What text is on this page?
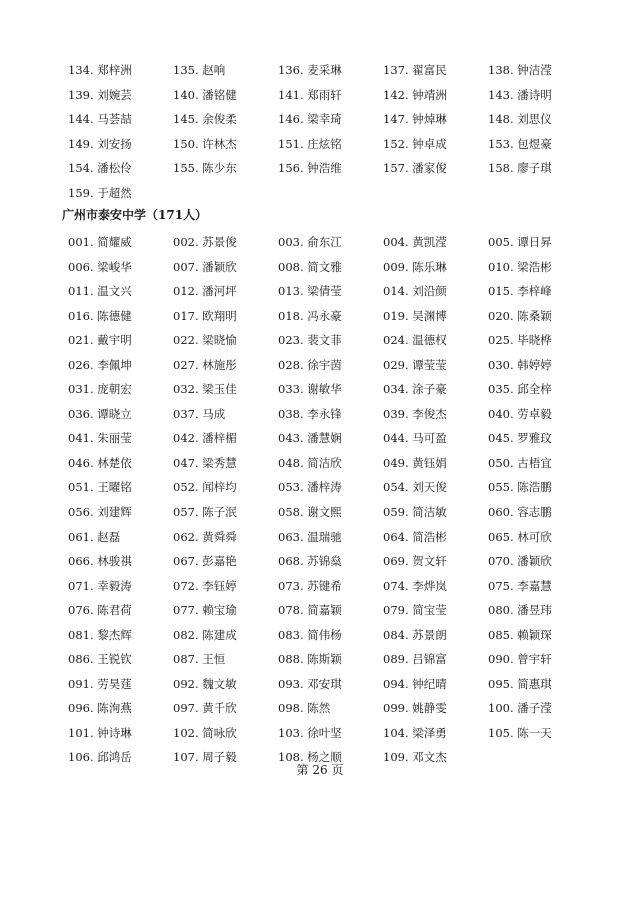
134. 郑梓洲	135. 赵响	136. 麦采琳	137. 翟富民	138. 钟洁滢
139. 刘婉芸	140. 潘铭健	141. 郑雨轩	142. 钟靖洲	143. 潘诗明
144. 马荟喆	145. 余俊柔	146. 梁幸琦	147. 钟焯琳	148. 刘思仪
149. 刘安扬	150. 许林杰	151. 庄炫铭	152. 钟卓成	153. 包煜豪
154. 潘松伶	155. 陈少东	156. 钟浩维	157. 潘家俊	158. 廖子琪
159. 于超然
广州市泰安中学（171人）
001. 简耀威	002. 苏景俊	003. 俞东江	004. 黄凯滢	005. 谭日昇
006. 梁峻华	007. 潘颖欣	008. 简文雅	009. 陈乐琳	010. 梁浩彬
011. 温文兴	012. 潘河坪	013. 梁倩莹	014. 刘沿颜	015. 李梓峰
016. 陈德健	017. 欧翔明	018. 冯永豪	019. 吴渊博	020. 陈桑颖
021. 戴宇明	022. 梁晓愉	023. 裴文菲	024. 温德权	025. 毕晓桦
026. 李佩坤	027. 林施彤	028. 徐宇茵	029. 谭莹莹	030. 韩婷婷
031. 庞朝宏	032. 梁玉佳	033. 谢敏华	034. 涂子豪	035. 邱全梓
036. 谭晓立	037. 马成	038. 李永锋	039. 李俊杰	040. 劳卓毅
041. 朱丽莹	042. 潘梓楣	043. 潘慧娴	044. 马可盈	045. 罗雅玟
046. 林楚依	047. 梁秀慧	048. 简洁欣	049. 黄钰娟	050. 古梧宜
051. 王曜铭	052. 闻梓均	053. 潘梓涛	054. 刘天俊	055. 陈浩鹏
056. 刘建辉	057. 陈子泯	058. 谢文熙	059. 简洁敏	060. 容志鹏
061. 赵磊	062. 黄舜舜	063. 温瑞驰	064. 简浩彬	065. 林可欣
066. 林骏祺	067. 彭嘉艳	068. 苏锦燊	069. 贺文轩	070. 潘颖欣
071. 幸毅涛	072. 李钰婷	073. 苏键希	074. 李烨岚	075. 李嘉慧
076. 陈君荷	077. 赖宝瑜	078. 简嘉颖	079. 简宝莹	080. 潘昱玮
081. 黎杰辉	082. 陈建成	083. 简伟杨	084. 苏景朗	085. 赖颖琛
086. 王锐钦	087. 王恒	088. 陈斯颖	089. 吕锦富	090. 曾宇轩
091. 劳昊莛	092. 魏文敏	093. 邓安琪	094. 钟纪晴	095. 简惠琪
096. 陈洵燕	097. 黄千欣	098. 陈然	099. 姚静雯	100. 潘子滢
101. 钟诗琳	102. 简咏欣	103. 徐叶坚	104. 梁泽勇	105. 陈一天
106. 邱鸿岳	107. 周子毅	108. 杨之顺	109. 邓文杰
第 26 页
